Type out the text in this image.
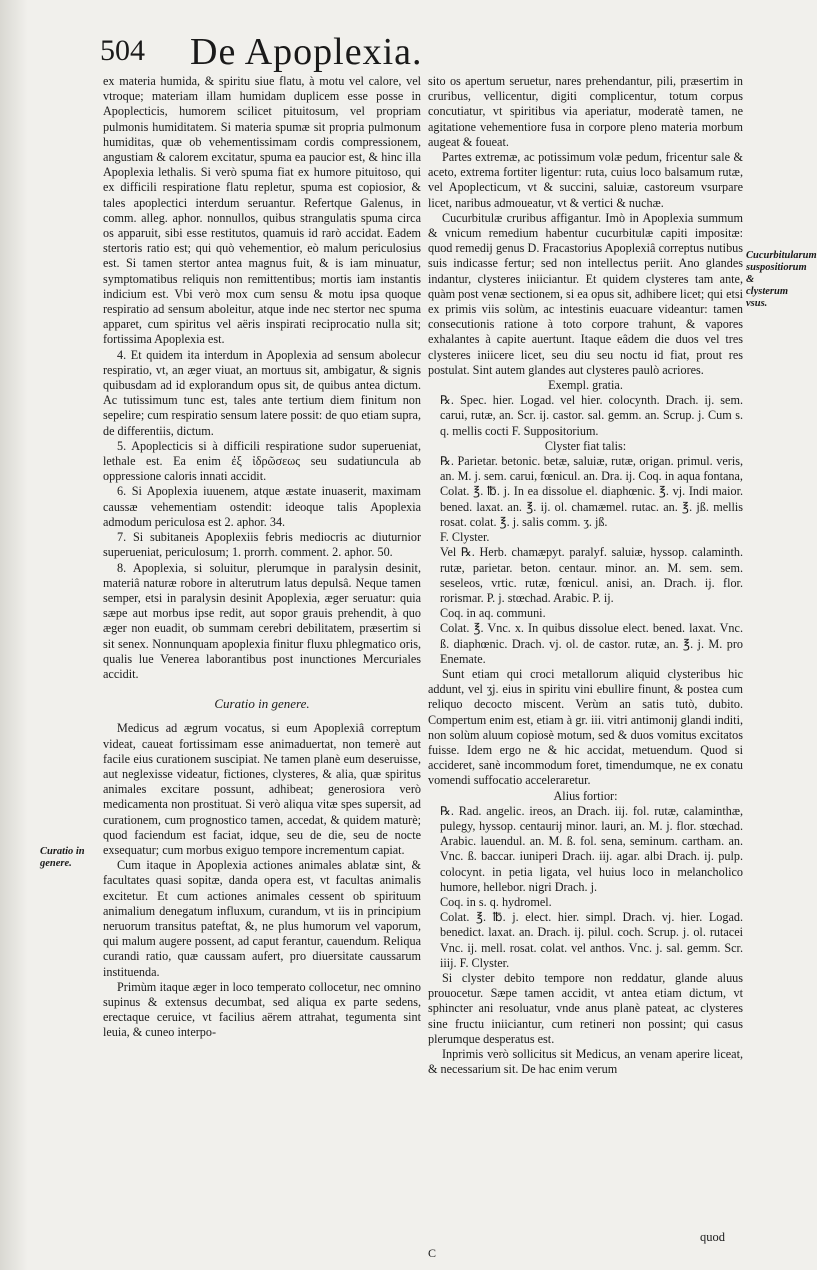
504 De Apoplexia.

ex materia humida, & spiritu siue flatu, à motu vel calore, vel vtroque; materiam illam humidam duplicem esse posse in Apoplecticis, humorem scilicet pituitosum, vel propriam pulmonis humiditatem. Si materia spumæ sit propria pulmonum humiditas, quæ ob vehementissimam cordis compressionem, angustiam & calorem excitatur, spuma ea paucior est, & hinc illa Apoplexia lethalis. Si verò spuma fiat ex humore pituitoso, qui ex difficili respiratione flatu repletur, spuma est copiosior, & tales apoplectici interdum seruantur. Refertque Galenus, in comm. alleg. aphor. nonnullos, quibus strangulatis spuma circa os apparuit, sibi esse restitutos, quamuis id rarò accidat. Eadem stertoris ratio est; qui quò vehementior, eò malum periculosius est. Si tamen stertor antea magnus fuit, & is iam minuatur, symptomatibus reliquis non remittentibus; mortis iam instantis indicium est. Vbi verò mox cum sensu & motu ipsa quoque respiratio ad sensum aboleitur, atque inde nec stertor nec spuma apparet, cum spiritus vel aëris inspirati reciprocatio nulla sit; fortissima Apoplexia est.

4. Et quidem ita interdum in Apoplexia ad sensum abolecur respiratio, vt, an æger viuat, an mortuus sit, ambigatur, & signis quibusdam ad id explorandum opus sit, de quibus antea dictum. Ac tutissimum tunc est, tales ante tertium diem finitum non sepelire; cum respiratio sensum latere possit: de quo etiam supra, de differentiis, dictum.

5. Apoplecticis si à difficili respiratione sudor superueniat, lethale est. Ea enim ἐξ ἰδρῶσεως seu sudatiuncula ab oppressione caloris innati accidit.

6. Si Apoplexia iuuenem, atque æstate inuaserit, maximam caussæ vehementiam ostendit: ideoque talis Apoplexia admodum periculosa est 2. aphor. 34.

7. Si subitaneis Apoplexiis febris mediocris ac diuturnior superueniat, periculosum; 1. prorrh. comment. 2. aphor. 50.

8. Apoplexia, si soluitur, plerumque in paralysin desinit, materiâ naturæ robore in alterutrum latus depulsâ. Neque tamen semper, etsi in paralysin desinit Apoplexia, æger seruatur: quia sæpe aut morbus ipse redit, aut sopor grauis prehendit, à quo æger non euadit, ob summam cerebri debilitatem, præsertim si sit senex. Nonnunquam apoplexia finitur fluxu phlegmatico oris, qualis lue Venerea laborantibus post inunctiones Mercuriales accidit.

Curatio in genere.

Medicus ad ægrum vocatus, si eum Apoplexiâ correptum videat, caueat fortissimam esse animaduertat, non temerè aut facile eius curationem suscipiat. Ne tamen planè eum deseruisse, aut neglexisse videatur, fictiones, clysteres, & alia, quæ spiritus animales excitare possunt, adhibeat; generosiora verò medicamenta non prostituat. Si verò aliqua vitæ spes supersit, ad curationem, cum prognostico tamen, accedat, & quidem maturè; quod faciendum est faciat, idque, seu de die, seu de nocte exsequatur; cum morbus exiguo tempore incrementum capiat.

Cum itaque in Apoplexia actiones animales ablatæ sint, & facultates quasi sopitæ, danda opera est, vt facultas animalis excitetur. Et cum actiones animales cessent ob spirituum animalium denegatum influxum, curandum, vt iis in principium neruorum transitus pateftat, &, ne plus humorum vel vaporum, qui malum augere possent, ad caput ferantur, cauendum. Reliqua curandi ratio, quæ caussam aufert, pro diuersitate caussarum instituenda.

Primùm itaque æger in loco temperato collocetur, nec omnino supinus & extensus decumbat, sed aliqua ex parte sedens, erectaque ceruice, vt facilius aërem attrahat, tegumenta sint leuia, & cuneo interpo-

Curatio in genere.

sito os apertum seruetur, nares prehendantur, pili, præsertim in cruribus, vellicentur, digiti complicentur, totum corpus concutiatur, vt spiritibus via aperiatur, moderatè tamen, ne agitatione vehementiore fusa in corpore pleno materia morbum augeat & foueat.

Partes extremæ, ac potissimum volæ pedum, fricentur sale & aceto, extrema fortiter ligentur: ruta, cuius loco balsamum rutæ, vel Apoplecticum, vt & succini, saluiæ, castoreum vsurpare licet, naribus admoueatur, vt & vertici & nuchæ.

Cucurbitulæ cruribus affigantur. Imò in Apoplexia summum & vnicum remedium habentur cucurbitulæ capiti impositæ: quod remedij genus D. Fracastorius Apoplexiâ correptus nutibus suis indicasse fertur; sed non intellectus periit. Ano glandes indantur, clysteres iniiciantur. Et quidem clysteres tam ante, quàm post venæ sectionem, si ea opus sit, adhibere licet; qui etsi ex primis viis solùm, ac intestinis euacuare videantur: tamen consecutionis ratione à toto corpore trahunt, & vapores exhalantes à capite auertunt. Itaque eâdem die duos vel tres clysteres iniicere licet, seu diu seu noctu id fiat, prout res postulat. Sint autem glandes aut clysteres paulò acriores.

Exempl. gratia.

℞. Spec. hier. Logad. vel hier. colocynth. Drach. ij. sem. carui, rutæ, an. Scr. ij. castor. sal. gemm. an. Scrup. j. Cum s. q. mellis cocti F. Suppositorium.

Clyster fiat talis:

℞. Parietar. betonic. betæ, saluiæ, rutæ, origan. primul. veris, an. M. j. sem. carui, fœnicul. an. Dra. ij. Coq. in aqua fontana,

Colat. ℥. ℔. j. In ea dissolue el. diaphœnic. ℥. vj. Indi maior. bened. laxat. an. ℥. ij. ol. chamæmel. rutac. an. ℥. jß. mellis rosat. colat. ℥. j. salis comm. ʒ. jß.

F. Clyster.

Vel ℞. Herb. chamæpyt. paralyf. saluiæ, hyssop. calaminth. rutæ, parietar. beton. centaur. minor. an. M. sem. sem. seseleos, vrtic. rutæ, fœnicul. anisi, an. Drach. ij. flor. rorismar. P. j. stœchad. Arabic. P. ij.

Coq. in aq. communi.

Colat. ℥. Vnc. x. In quibus dissolue elect. bened. laxat. Vnc. ß. diaphœnic. Drach. vj. ol. de castor. rutæ, an. ℥. j. M. pro Enemate.

Sunt etiam qui croci metallorum aliquid clysteribus hic addunt, vel ʒj. eius in spiritu vini ebullire finunt, & postea cum reliquo decocto miscent. Verùm an satis tutò, dubito. Compertum enim est, etiam à gr. iii. vitri antimonij glandi inditi, non solùm aluum copiosè motum, sed & duos vomitus excitatos fuisse. Idem ergo ne & hic accidat, metuendum. Quod si accideret, sanè incommodum foret, timendumque, ne ex conatu vomendi suffocatio acceleraretur.

Alius fortior:

℞. Rad. angelic. ireos, an Drach. iij. fol. rutæ, calaminthæ, pulegy, hyssop. centaurij minor. lauri, an. M. j. flor. stœchad. Arabic. lauendul. an. M. ß. fol. sena, seminum. cartham. an. Vnc. ß. baccar. iuniperi Drach. iij. agar. albi Drach. ij. pulp. colocynt. in petia ligata, vel huius loco in melancholico humore, hellebor. nigri Drach. j.

Coq. in s. q. hydromel.

Colat. ℥. ℔. j. elect. hier. simpl. Drach. vj. hier. Logad. benedict. laxat. an. Drach. ij. pilul. coch. Scrup. j. ol. rutacei Vnc. ij. mell. rosat. colat. vel anthos. Vnc. j. sal. gemm. Scr. iiij. F. Clyster.

Si clyster debito tempore non reddatur, glande aluus prouocetur. Sæpe tamen accidit, vt antea etiam dictum, vt sphincter ani resoluatur, vnde anus planè pateat, ac clysteres sine fructu iniiciantur, cum retineri non possint; qui casus plerumque desperatus est.

Inprimis verò sollicitus sit Medicus, an venam aperire liceat, & necessarium sit. De hac enim verum

Cucurbitularum suspositiorum & clysterum vsus.
quod
C
